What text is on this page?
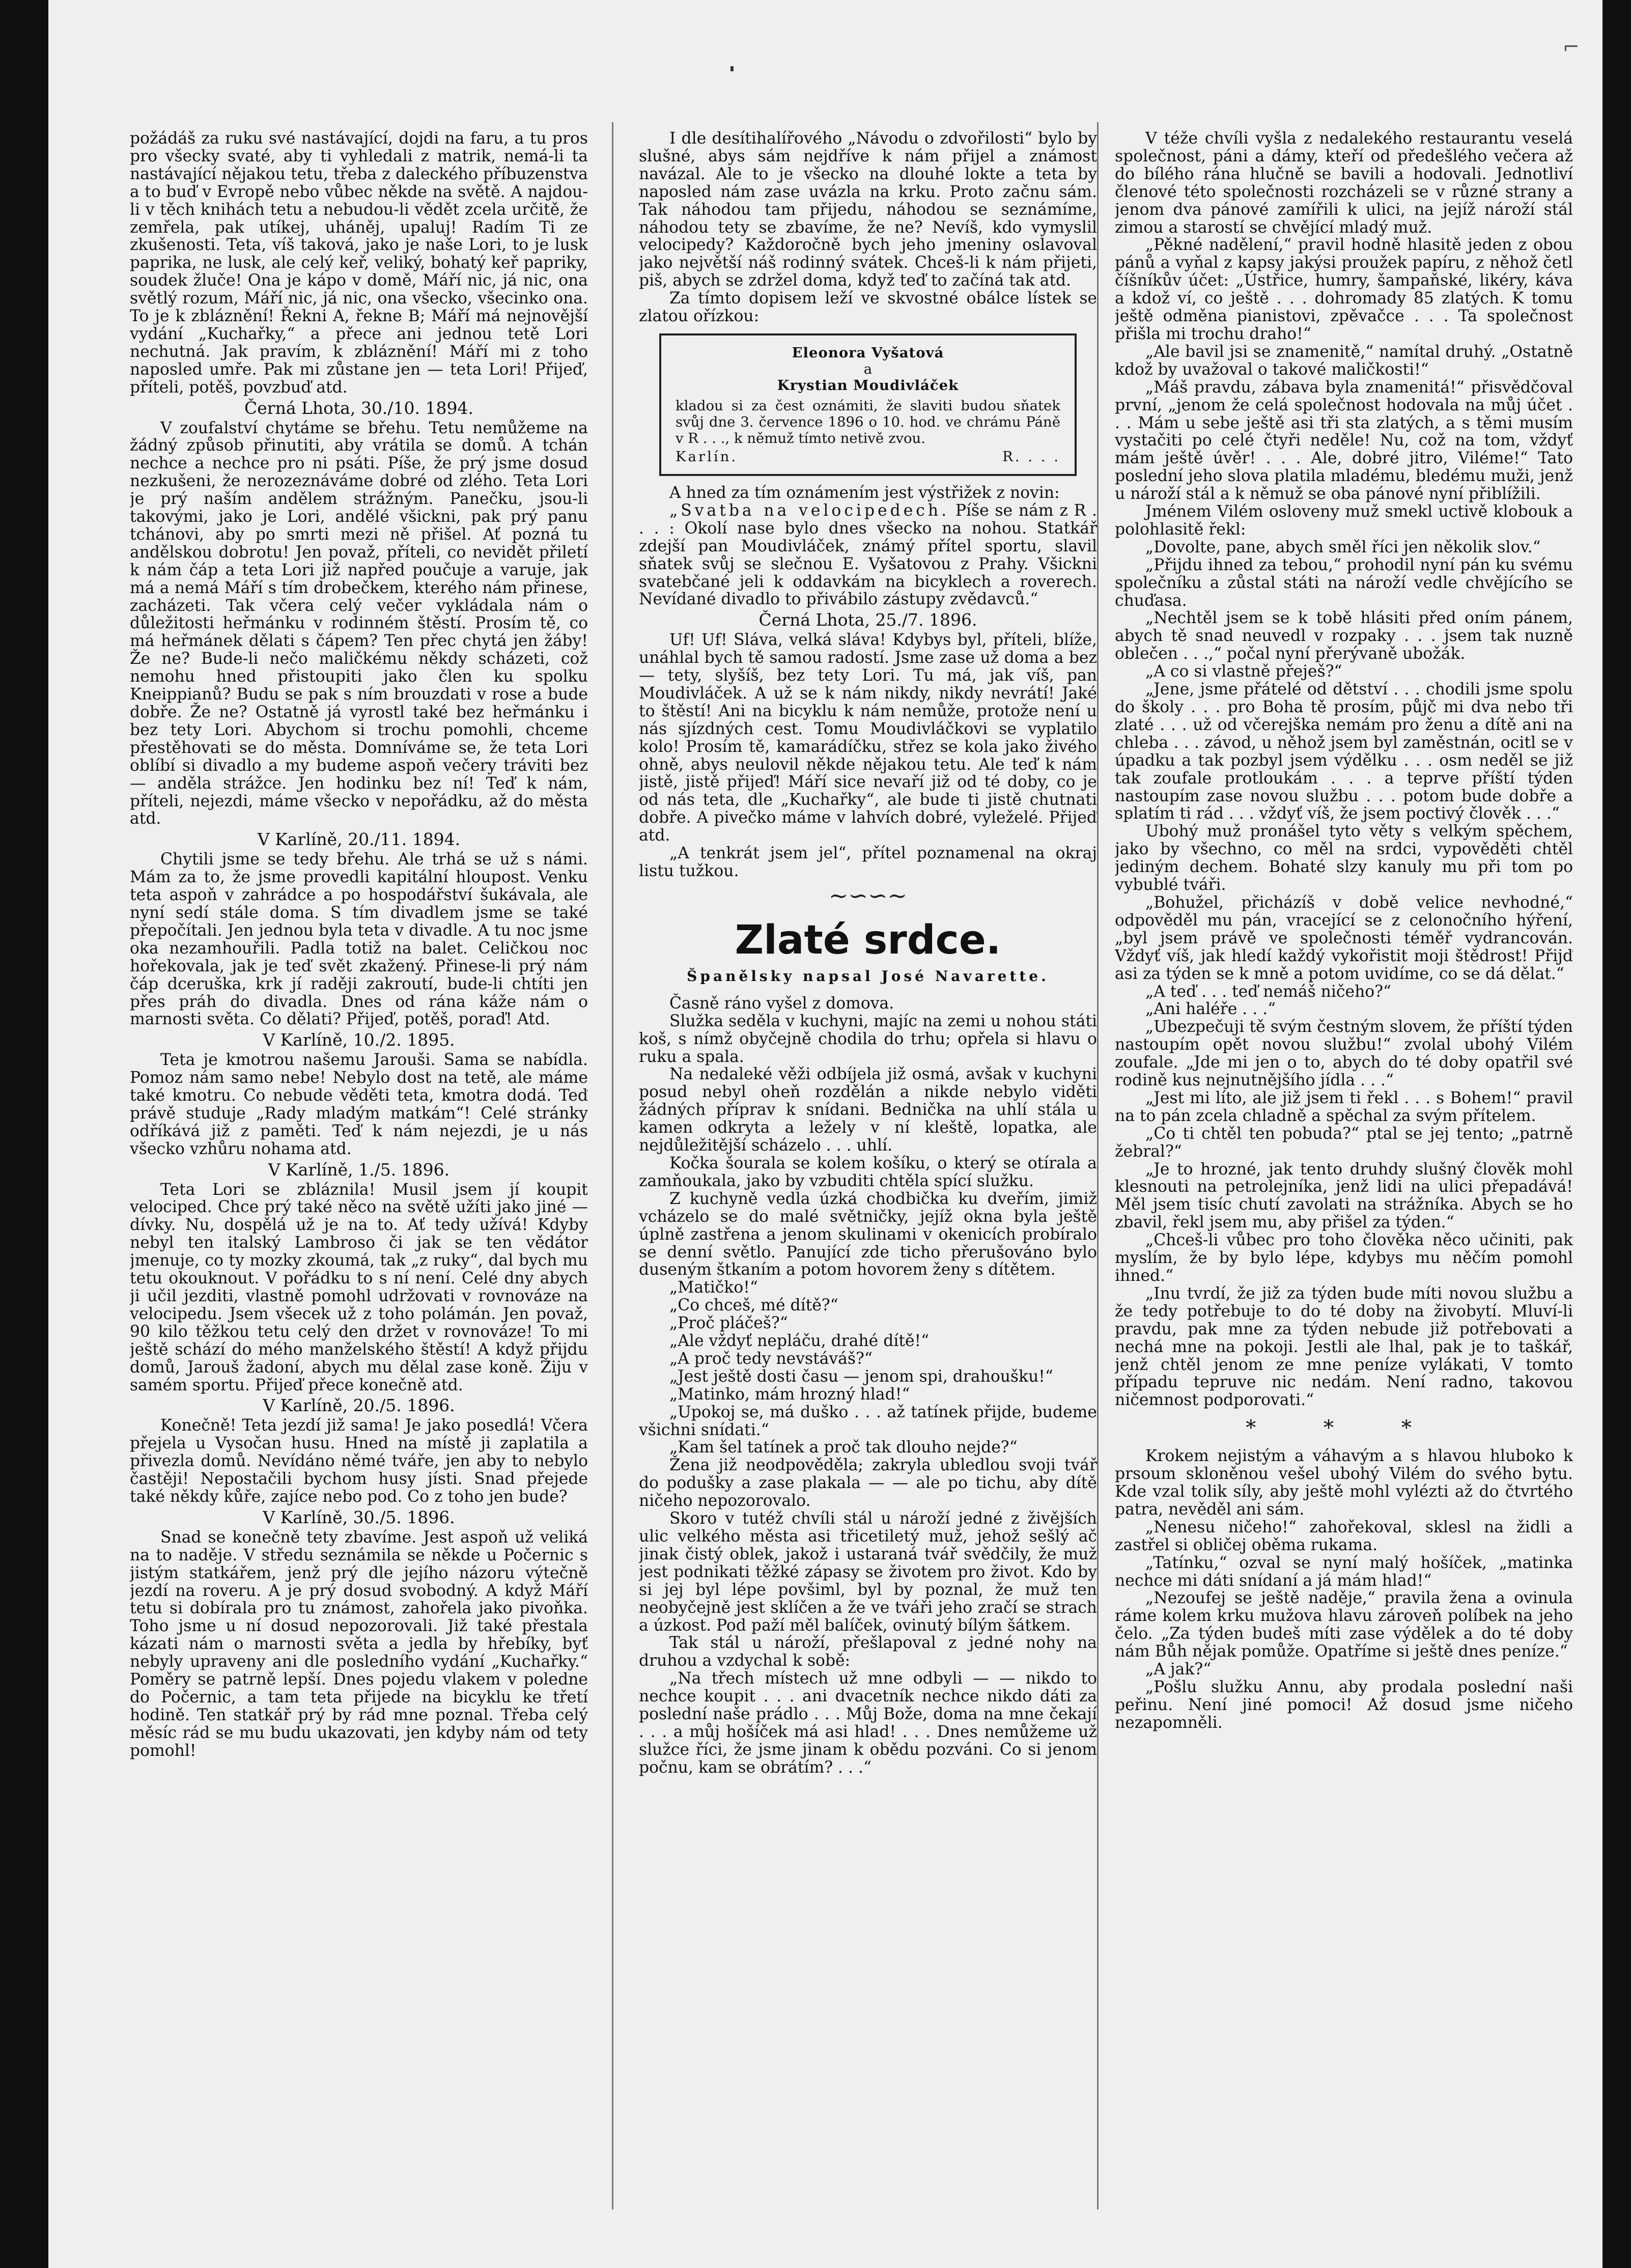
⌐

požádáš za ruku své nastávající, dojdi na faru, a tu pros pro všecky svaté, aby ti vyhledali z matrik, nemá-li ta nastávající nějakou tetu, třeba z daleckého příbuzenstva a to buď v Evropě nebo vůbec někde na světě. A najdou-li v těch knihách tetu a nebudou-li vědět zcela určitě, že zemřela, pak utíkej, uháněj, upaluj! Radím Ti ze zkušenosti. Teta, víš taková, jako je naše Lori, to je lusk paprika, ne lusk, ale celý keř, veliký, bohatý keř papriky, soudek žluče! Ona je kápo v domě, Máří nic, já nic, ona světlý rozum, Máří nic, já nic, ona všecko, všecinko ona. To je k zbláznění! Řekni A, řekne B; Máří má nejnovější vydání „Kuchařky,“ a přece ani jednou tetě Lori nechutná. Jak pravím, k zbláznění! Máří mi z toho naposled umře. Pak mi zůstane jen — teta Lori! Přijeď, příteli, potěš, povzbuď atd.

Černá Lhota, 30./10. 1894.

V zoufalství chytáme se břehu. Tetu nemůžeme na žádný způsob přinutiti, aby vrátila se domů. A tchán nechce a nechce pro ni psáti. Píše, že prý jsme dosud nezkušeni, že nerozeznáváme dobré od zlého. Teta Lori je prý naším andělem strážným. Panečku, jsou-li takovými, jako je Lori, andělé všickni, pak prý panu tchánovi, aby po smrti mezi ně přišel. Ať pozná tu andělskou dobrotu! Jen považ, příteli, co nevidět přiletí k nám čáp a teta Lori již napřed poučuje a varuje, jak má a nemá Máří s tím drobečkem, kterého nám přinese, zacházeti. Tak včera celý večer vykládala nám o důležitosti heřmánku v rodinném štěstí. Prosím tě, co má heřmánek dělati s čápem? Ten přec chytá jen žáby! Že ne? Bude-li nečo maličkému někdy scházeti, což nemohu hned přistoupiti jako člen ku spolku Kneippianů? Budu se pak s ním brouzdati v rose a bude dobře. Že ne? Ostatně já vyrostl také bez heřmánku i bez tety Lori. Abychom si trochu pomohli, chceme přestěhovati se do města. Domníváme se, že teta Lori oblíbí si divadlo a my budeme aspoň večery tráviti bez — anděla strážce. Jen hodinku bez ní! Teď k nám, příteli, nejezdi, máme všecko v nepořádku, až do města atd.

V Karlíně, 20./11. 1894.

Chytili jsme se tedy břehu. Ale trhá se už s námi. Mám za to, že jsme provedli kapitální hloupost. Venku teta aspoň v zahrádce a po hospodářství šukávala, ale nyní sedí stále doma. S tím divadlem jsme se také přepočítali. Jen jednou byla teta v divadle. A tu noc jsme oka nezamhouřili. Padla totiž na balet. Celičkou noc hořekovala, jak je teď svět zkažený. Přinese-li prý nám čáp dceruška, krk jí raději zakroutí, bude-li chtíti jen přes práh do divadla. Dnes od rána káže nám o marnosti světa. Co dělati? Přijeď, potěš, poraď! Atd.

V Karlíně, 10./2. 1895.

Teta je kmotrou našemu Jarouši. Sama se nabídla. Pomoz nám samo nebe! Nebylo dost na tetě, ale máme také kmotru. Co nebude věděti teta, kmotra dodá. Teď právě studuje „Rady mladým matkám“! Celé stránky odříkává již z paměti. Teď k nám nejezdi, je u nás všecko vzhůru nohama atd.

V Karlíně, 1./5. 1896.

Teta Lori se zbláznila! Musil jsem jí koupit velociped. Chce prý také něco na světě užíti jako jiné — dívky. Nu, dospělá už je na to. Ať tedy užívá! Kdyby nebyl ten italský Lambroso či jak se ten vědátor jmenuje, co ty mozky zkoumá, tak „z ruky“, dal bych mu tetu okouknout. V pořádku to s ní není. Celé dny abych ji učil jezditi, vlastně pomohl udržovati v rovnováze na velocipedu. Jsem všecek už z toho polámán. Jen považ, 90 kilo těžkou tetu celý den držet v rovnováze! To mi ještě schází do mého manželského štěstí! A když přijdu domů, Jarouš žadoní, abych mu dělal zase koně. Žiju v samém sportu. Přijeď přece konečně atd.

V Karlíně, 20./5. 1896.

Konečně! Teta jezdí již sama! Je jako posedlá! Včera přejela u Vysočan husu. Hned na místě ji zaplatila a přivezla domů. Nevídáno němé tváře, jen aby to nebylo častěji! Nepostačili bychom husy jísti. Snad přejede také někdy kůře, zajíce nebo pod. Co z toho jen bude?

V Karlíně, 30./5. 1896.

Snad se konečně tety zbavíme. Jest aspoň už veliká na to naděje. V středu seznámila se někde u Počernic s jistým statkářem, jenž prý dle jejího názoru výtečně jezdí na roveru. A je prý dosud svobodný. A když Máří tetu si dobírala pro tu známost, zahořela jako pivoňka. Toho jsme u ní dosud nepozorovali. Již také přestala kázati nám o marnosti světa a jedla by hřebíky, byť nebyly upraveny ani dle posledního vydání „Kuchařky.“ Poměry se patrně lepší. Dnes pojedu vlakem v poledne do Počernic, a tam teta přijede na bicyklu ke třetí hodině. Ten statkář prý by rád mne poznal. Třeba celý měsíc rád se mu budu ukazovati, jen kdyby nám od tety pomohl!

I dle desítihalířového „Návodu o zdvořilosti“ bylo by slušné, abys sám nejdříve k nám přijel a známost navázal. Ale to je všecko na dlouhé lokte a teta by naposled nám zase uvázla na krku. Proto začnu sám. Tak náhodou tam přijedu, náhodou se seznámíme, náhodou tety se zbavíme, že ne? Nevíš, kdo vymyslil velocipedy? Každoročně bych jeho jmeniny oslavoval jako největší náš rodinný svátek. Chceš-li k nám přijeti, piš, abych se zdržel doma, když teď to začíná tak atd.

Za tímto dopisem leží ve skvostné obálce lístek se zlatou ořízkou:

Eleonora Vyšatová
a
Krystian Moudivláček
kladou si za čest oznámiti, že slaviti budou sňatek svůj dne 3. července 1896 o 10. hod. ve chrámu Páně v R . . ., k němuž tímto netivě zvou.
Karlín.	R. . . .

A hned za tím oznámením jest výstřižek z novin:

„Svatba na velocipedech. Píše se nám z R . . . : Okolí nase bylo dnes všecko na nohou. Statkář zdejší pan Moudivláček, známý přítel sportu, slavil sňatek svůj se slečnou E. Vyšatovou z Prahy. Všickni svatebčané jeli k oddavkám na bicyklech a roverech. Nevídané divadlo to přivábilo zástupy zvědavců.“

Černá Lhota, 25./7. 1896.

Uf! Uf! Sláva, velká sláva! Kdybys byl, příteli, blíže, unáhlal bych tě samou radostí. Jsme zase už doma a bez — tety, slyšíš, bez tety Lori. Tu má, jak víš, pan Moudivláček. A už se k nám nikdy, nikdy nevrátí! Jaké to štěstí! Ani na bicyklu k nám nemůže, protože není u nás sjízdných cest. Tomu Moudivláčkovi se vyplatilo kolo! Prosím tě, kamarádíčku, střez se kola jako živého ohně, abys neulovil někde nějakou tetu. Ale teď k nám jistě, jistě přijeď! Máří sice nevaří již od té doby, co je od nás teta, dle „Kuchařky“, ale bude ti jistě chutnati dobře. A pivečko máme v lahvích dobré, vyleželé. Přijeď atd.

„A tenkrát jsem jel“, přítel poznamenal na okraj listu tužkou.

~∽∽~
Zlaté srdce.
Španělsky napsal José Navarette.

Časně ráno vyšel z domova.

Služka seděla v kuchyni, majíc na zemi u nohou státi koš, s nímž obyčejně chodila do trhu; opřela si hlavu o ruku a spala.

Na nedaleké věži odbíjela již osmá, avšak v kuchyni posud nebyl oheň rozdělán a nikde nebylo viděti žádných příprav k snídani. Bednička na uhlí stála u kamen odkryta a ležely v ní kleště, lopatka, ale nejdůležitější scházelo . . . uhlí.

Kočka šourala se kolem košíku, o který se otírala a zamňoukala, jako by vzbuditi chtěla spící služku.

Z kuchyně vedla úzká chodbička ku dveřím, jimiž vcházelo se do malé světničky, jejíž okna byla ještě úplně zastřena a jenom skulinami v okenicích probíralo se denní světlo. Panující zde ticho přerušováno bylo duseným štkaním a potom hovorem ženy s dítětem.

„Matičko!“

„Co chceš, mé dítě?“

„Proč pláčeš?“

„Ale vždyť nepláču, drahé dítě!“

„A proč tedy nevstáváš?“

„Jest ještě dosti času — jenom spi, drahoušku!“

„Matinko, mám hrozný hlad!“

„Upokoj se, má duško . . . až tatínek přijde, budeme všichni snídati.“

„Kam šel tatínek a proč tak dlouho nejde?“

Žena již neodpověděla; zakryla ubledlou svoji tvář do podušky a zase plakala — — ale po tichu, aby dítě ničeho nepozorovalo.

Skoro v tutéž chvíli stál u nároží jedné z živějších ulic velkého města asi třicetiletý muž, jehož sešlý ač jinak čistý oblek, jakož i ustaraná tvář svědčily, že muž jest podnikati těžké zápasy se životem pro život. Kdo by si jej byl lépe povšiml, byl by poznal, že muž ten neobyčejně jest sklíčen a že ve tváři jeho zračí se strach a úzkost. Pod paží měl balíček, ovinutý bílým šátkem.

Tak stál u nároží, přešlapoval z jedné nohy na druhou a vzdychal k sobě:

„Na třech místech už mne odbyli — — nikdo to nechce koupit . . . ani dvacetník nechce nikdo dáti za poslední naše prádlo . . . Můj Bože, doma na mne čekají . . . a můj hošíček má asi hlad! . . . Dnes nemůžeme už služce říci, že jsme jinam k obědu pozváni. Co si jenom počnu, kam se obrátím? . . .“

V téže chvíli vyšla z nedalekého restaurantu veselá společnost, páni a dámy, kteří od předešlého večera až do bílého rána hlučně se bavili a hodovali. Jednotliví členové této společnosti rozcházeli se v různé strany a jenom dva pánové zamířili k ulici, na jejíž nároží stál zimou a starostí se chvějící mladý muž.

„Pěkné nadělení,“ pravil hodně hlasitě jeden z obou pánů a vyňal z kapsy jakýsi proužek papíru, z něhož četl číšníkův účet: „Ústřice, humry, šampaňské, likéry, káva a kdož ví, co ještě . . . dohromady 85 zlatých. K tomu ještě odměna pianistovi, zpěvačce . . . Ta společnost přišla mi trochu draho!“

„Ale bavil jsi se znamenitě,“ namítal druhý. „Ostatně kdož by uvažoval o takové maličkosti!“

„Máš pravdu, zábava byla znamenitá!“ přisvědčoval první, „jenom že celá společnost hodovala na můj účet . . . Mám u sebe ještě asi tři sta zlatých, a s těmi musím vystačiti po celé čtyři neděle! Nu, což na tom, vždyť mám ještě úvěr! . . . Ale, dobré jitro, Viléme!“ Tato poslední jeho slova platila mladému, bledému muži, jenž u nároží stál a k němuž se oba pánové nyní přiblížili.

Jménem Vilém osloveny muž smekl uctivě klobouk a polohlasitě řekl:

„Dovolte, pane, abych směl říci jen několik slov.“

„Přijdu ihned za tebou,“ prohodil nyní pán ku svému společníku a zůstal státi na nároží vedle chvějícího se chuďasa.

„Nechtěl jsem se k tobě hlásiti před oním pánem, abych tě snad neuvedl v rozpaky . . . jsem tak nuzně oblečen . . .,“ počal nyní přerývaně ubožák.

„A co si vlastně přeješ?“

„Jene, jsme přátelé od dětství . . . chodili jsme spolu do školy . . . pro Boha tě prosím, půjč mi dva nebo tři zlaté . . . už od včerejška nemám pro ženu a dítě ani na chleba . . . závod, u něhož jsem byl zaměstnán, ocitl se v úpadku a tak pozbyl jsem výdělku . . . osm neděl se již tak zoufale protloukám . . . a teprve příští týden nastoupím zase novou službu . . . potom bude dobře a splatím ti rád . . . vždyť víš, že jsem poctivý člověk . . .“

Ubohý muž pronášel tyto věty s velkým spěchem, jako by všechno, co měl na srdci, vypověděti chtěl jediným dechem. Bohaté slzy kanuly mu při tom po vybublé tváři.

„Bohužel, přicházíš v době velice nevhodné,“ odpověděl mu pán, vracející se z celonočního hýření, „byl jsem právě ve společnosti téměř vydrancován. Vždyť víš, jak hledí každý vykořistit moji štědrost! Přijď asi za týden se k mně a potom uvidíme, co se dá dělat.“

„A teď . . . teď nemáš ničeho?“

„Ani haléře . . .“

„Ubezpečuji tě svým čestným slovem, že příští týden nastoupím opět novou službu!“ zvolal ubohý Vilém zoufale. „Jde mi jen o to, abych do té doby opatřil své rodině kus nejnutnějšího jídla . . .“

„Jest mi líto, ale již jsem ti řekl . . . s Bohem!“ pravil na to pán zcela chladně a spěchal za svým přítelem.

„Co ti chtěl ten pobuda?“ ptal se jej tento; „patrně žebral?“

„Je to hrozné, jak tento druhdy slušný člověk mohl klesnouti na petrolejníka, jenž lidi na ulici přepadává! Měl jsem tisíc chutí zavolati na strážníka. Abych se ho zbavil, řekl jsem mu, aby přišel za týden.“

„Chceš-li vůbec pro toho člověka něco učiniti, pak myslím, že by bylo lépe, kdybys mu něčím pomohl ihned.“

„Inu tvrdí, že již za týden bude míti novou službu a že tedy potřebuje to do té doby na živobytí. Mluví-li pravdu, pak mne za týden nebude již potřebovati a nechá mne na pokoji. Jestli ale lhal, pak je to taškář, jenž chtěl jenom ze mne peníze vylákati, V tomto případu tepruve nic nedám. Není radno, takovou ničemnost podporovati.“

* * *

Krokem nejistým a váhavým a s hlavou hluboko k prsoum skloněnou vešel ubohý Vilém do svého bytu. Kde vzal tolik síly, aby ještě mohl vylézti až do čtvrtého patra, nevěděl ani sám.

„Nenesu ničeho!“ zahořekoval, sklesl na židli a zastřel si obličej oběma rukama.

„Tatínku,“ ozval se nyní malý hošíček, „matinka nechce mi dáti snídaní a já mám hlad!“

„Nezoufej se ještě naděje,“ pravila žena a ovinula ráme kolem krku mužova hlavu zároveň políbek na jeho čelo. „Za týden budeš míti zase výdělek a do té doby nám Bůh nějak pomůže. Opatříme si ještě dnes peníze.“

„A jak?“

„Pošlu služku Annu, aby prodala poslední naši peřinu. Není jiné pomoci! Až dosud jsme ničeho nezapomněli.
